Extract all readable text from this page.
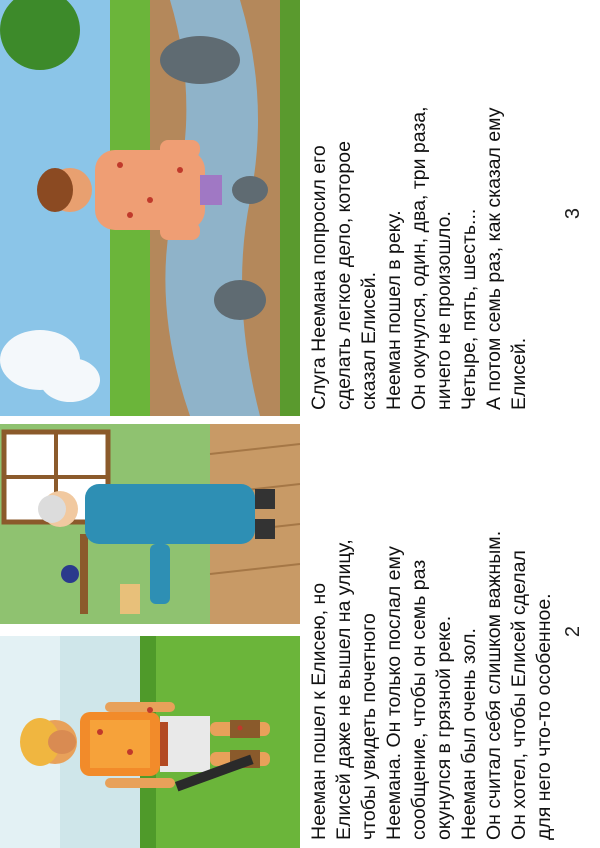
Нееман пошел к Елисею, но Елисей даже не вышел на улицу, чтобы увидеть почетного Неемана. Он только послал ему сообщение, чтобы он семь раз окунулся в грязной реке. Нееман был очень зол. Он считал себя слишком важным. Он хотел, чтобы Елисей сделал для него что-то особенное. 2

Слуга Неемана попросил его сделать легкое дело, которое сказал Елисей. Нееман пошел в реку. Он окунулся, один, два, три раза, ничего не произошло. Четыре, пять, шесть... А потом семь раз, как сказал ему Елисей.

3
